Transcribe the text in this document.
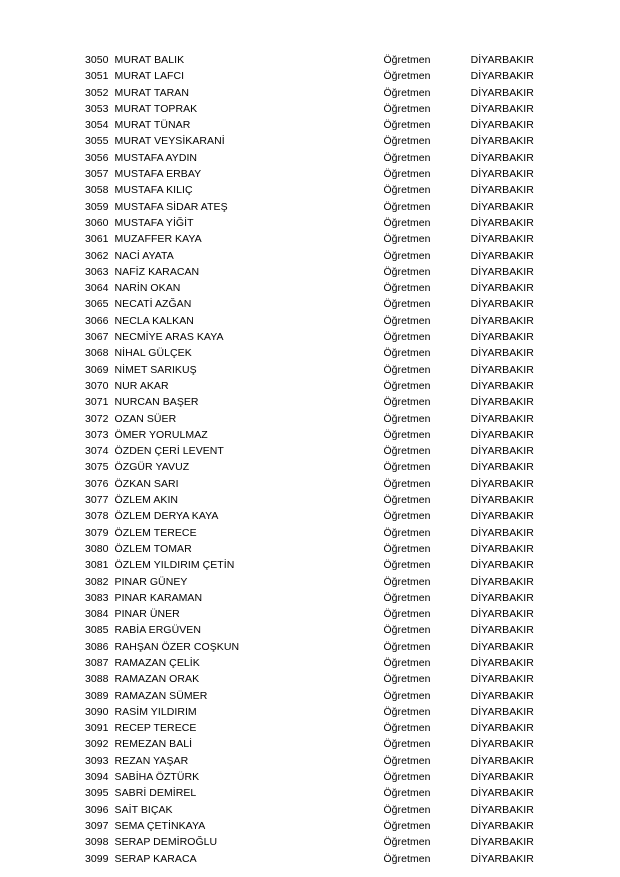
3050	MURAT BALIK	Öğretmen	DİYARBAKIR
3051	MURAT LAFCI	Öğretmen	DİYARBAKIR
3052	MURAT TARAN	Öğretmen	DİYARBAKIR
3053	MURAT TOPRAK	Öğretmen	DİYARBAKIR
3054	MURAT TÜNAR	Öğretmen	DİYARBAKIR
3055	MURAT VEYSİKARANİ	Öğretmen	DİYARBAKIR
3056	MUSTAFA AYDIN	Öğretmen	DİYARBAKIR
3057	MUSTAFA ERBAY	Öğretmen	DİYARBAKIR
3058	MUSTAFA KILIÇ	Öğretmen	DİYARBAKIR
3059	MUSTAFA SİDAR ATEŞ	Öğretmen	DİYARBAKIR
3060	MUSTAFA YİĞİT	Öğretmen	DİYARBAKIR
3061	MUZAFFER KAYA	Öğretmen	DİYARBAKIR
3062	NACİ AYATA	Öğretmen	DİYARBAKIR
3063	NAFİZ KARACAN	Öğretmen	DİYARBAKIR
3064	NARİN OKAN	Öğretmen	DİYARBAKIR
3065	NECATİ AZĞAN	Öğretmen	DİYARBAKIR
3066	NECLA KALKAN	Öğretmen	DİYARBAKIR
3067	NECMİYE ARAS KAYA	Öğretmen	DİYARBAKIR
3068	NİHAL GÜLÇEK	Öğretmen	DİYARBAKIR
3069	NİMET SARIKUŞ	Öğretmen	DİYARBAKIR
3070	NUR AKAR	Öğretmen	DİYARBAKIR
3071	NURCAN BAŞER	Öğretmen	DİYARBAKIR
3072	OZAN SÜER	Öğretmen	DİYARBAKIR
3073	ÖMER YORULMAZ	Öğretmen	DİYARBAKIR
3074	ÖZDEN ÇERİ LEVENT	Öğretmen	DİYARBAKIR
3075	ÖZGÜR YAVUZ	Öğretmen	DİYARBAKIR
3076	ÖZKAN SARI	Öğretmen	DİYARBAKIR
3077	ÖZLEM AKIN	Öğretmen	DİYARBAKIR
3078	ÖZLEM DERYA KAYA	Öğretmen	DİYARBAKIR
3079	ÖZLEM TERECE	Öğretmen	DİYARBAKIR
3080	ÖZLEM TOMAR	Öğretmen	DİYARBAKIR
3081	ÖZLEM YILDIRIM ÇETİN	Öğretmen	DİYARBAKIR
3082	PINAR GÜNEY	Öğretmen	DİYARBAKIR
3083	PINAR KARAMAN	Öğretmen	DİYARBAKIR
3084	PINAR ÜNER	Öğretmen	DİYARBAKIR
3085	RABİA ERGÜVEN	Öğretmen	DİYARBAKIR
3086	RAHŞAN ÖZER COŞKUN	Öğretmen	DİYARBAKIR
3087	RAMAZAN ÇELİK	Öğretmen	DİYARBAKIR
3088	RAMAZAN ORAK	Öğretmen	DİYARBAKIR
3089	RAMAZAN SÜMER	Öğretmen	DİYARBAKIR
3090	RASİM YILDIRIM	Öğretmen	DİYARBAKIR
3091	RECEP TERECE	Öğretmen	DİYARBAKIR
3092	REMEZAN BALİ	Öğretmen	DİYARBAKIR
3093	REZAN YAŞAR	Öğretmen	DİYARBAKIR
3094	SABİHA ÖZTÜRK	Öğretmen	DİYARBAKIR
3095	SABRİ DEMİREL	Öğretmen	DİYARBAKIR
3096	SAİT BIÇAK	Öğretmen	DİYARBAKIR
3097	SEMA ÇETİNKAYA	Öğretmen	DİYARBAKIR
3098	SERAP DEMİROĞLU	Öğretmen	DİYARBAKIR
3099	SERAP KARACA	Öğretmen	DİYARBAKIR
